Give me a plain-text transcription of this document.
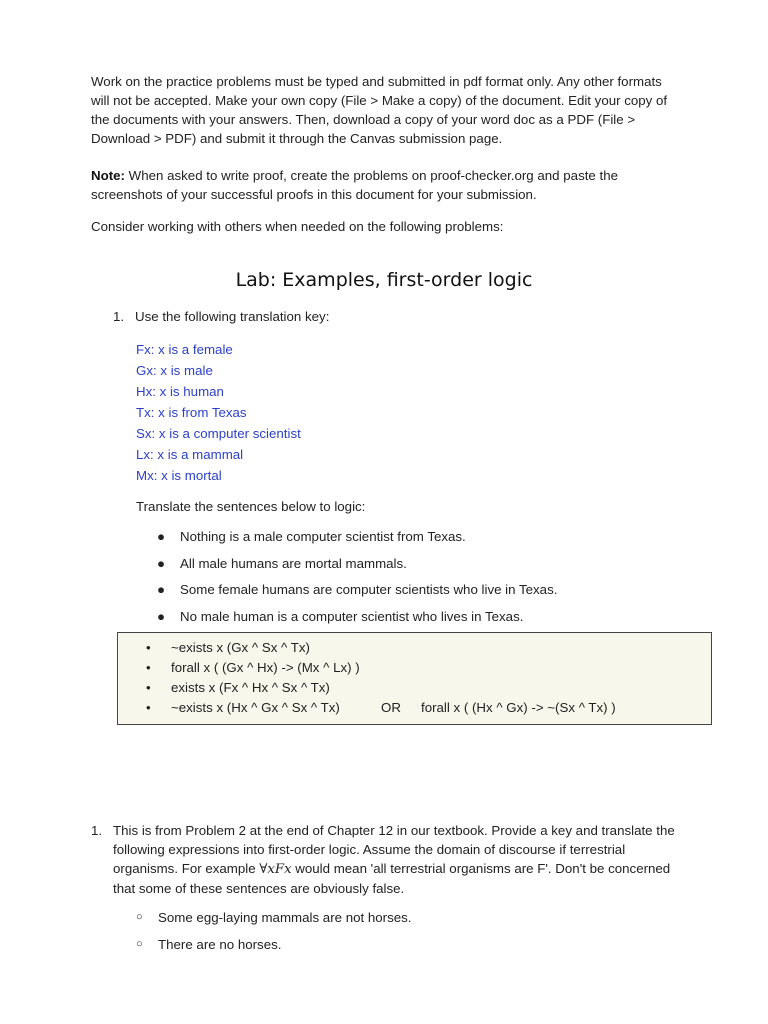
Work on the practice problems must be typed and submitted in pdf format only. Any other formats will not be accepted. Make your own copy (File > Make a copy) of the document. Edit your copy of the documents with your answers. Then, download a copy of your word doc as a PDF (File > Download > PDF) and submit it through the Canvas submission page.
Note: When asked to write proof, create the problems on proof-checker.org and paste the screenshots of your successful proofs in this document for your submission.
Consider working with others when needed on the following problems:
Lab: Examples, first-order logic
1. Use the following translation key:
Fx: x is a female
Gx: x is male
Hx: x is human
Tx: x is from Texas
Sx: x is a computer scientist
Lx: x is a mammal
Mx: x is mortal
Translate the sentences below to logic:
● Nothing is a male computer scientist from Texas.
● All male humans are mortal mammals.
● Some female humans are computer scientists who live in Texas.
● No male human is a computer scientist who lives in Texas.
• ~exists x (Gx ^ Sx ^ Tx)
• forall x ( (Gx ^ Hx) -> (Mx ^ Lx) )
• exists x (Fx ^ Hx ^ Sx ^ Tx)
• ~exists x (Hx ^ Gx ^ Sx ^ Tx)	OR forall x ( (Hx ^ Gx) -> ~(Sx ^ Tx) )
1. This is from Problem 2 at the end of Chapter 12 in our textbook. Provide a key and translate the following expressions into first-order logic. Assume the domain of discourse if terrestrial organisms. For example ∀xFx would mean 'all terrestrial organisms are F'. Don't be concerned that some of these sentences are obviously false.
○ Some egg-laying mammals are not horses.
○ There are no horses.
